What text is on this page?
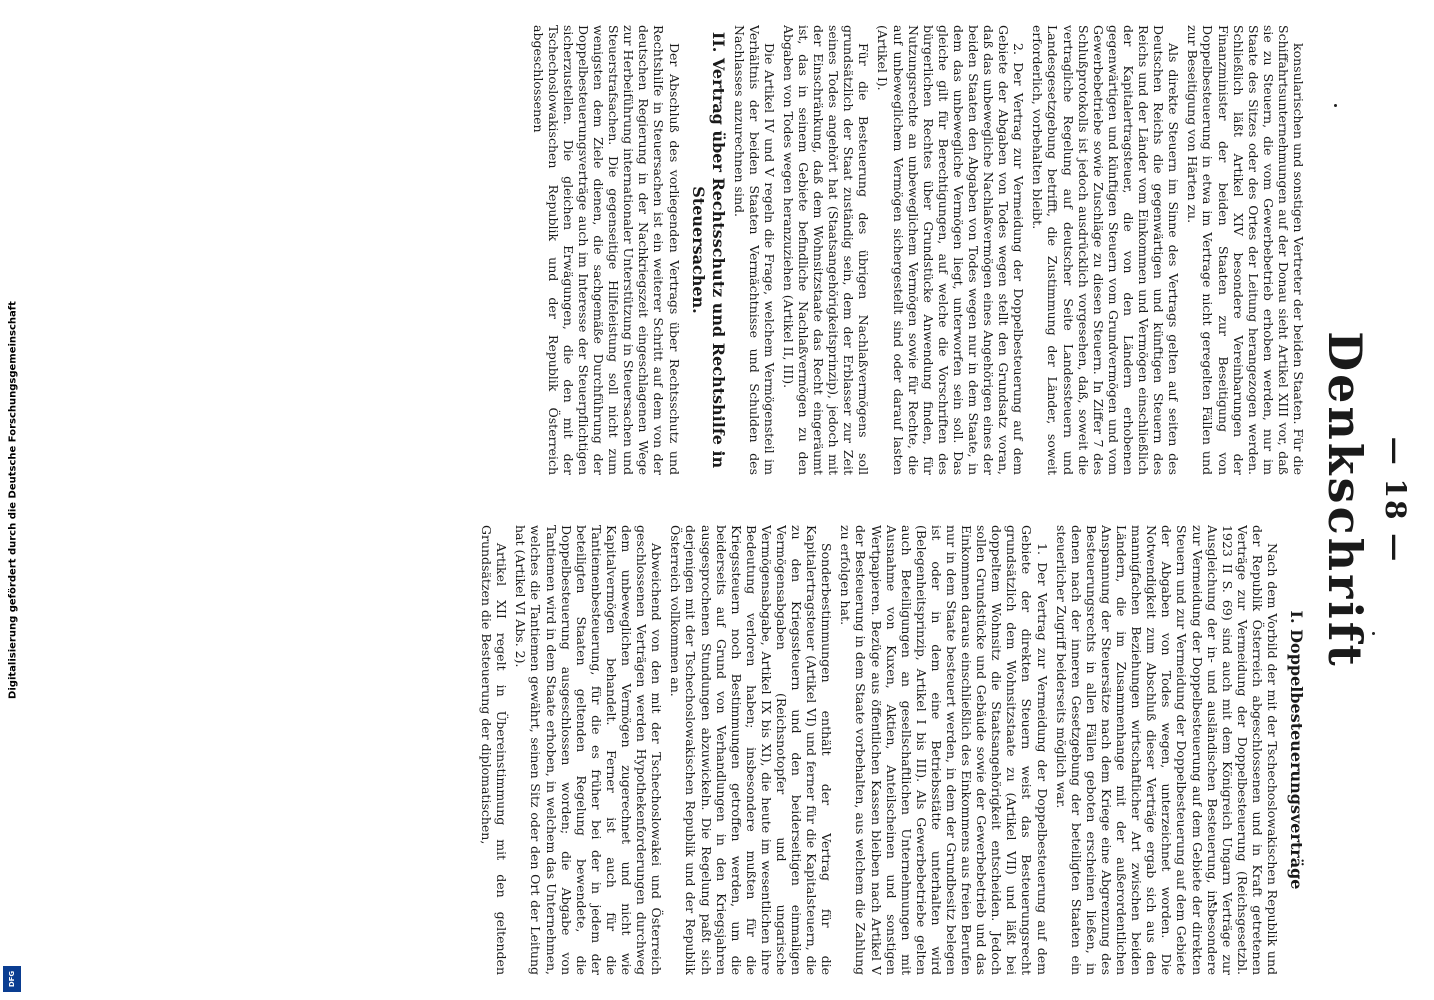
Digitalisierung gefördert durch die Deutsche Forschungsgemeinschaft
DFG
— 18 —
Denkschrift

konsularischen und sonstigen Vertreter der beiden Staaten. Für die Schiffahrtsunternehmungen auf der Donau sieht Artikel XIII vor, daß sie zu Steuern, die vom Gewerbebetrieb erhoben werden, nur im Staate des Sitzes oder des Ortes der Leitung herangezogen werden. Schließlich läßt Artikel XIV besondere Vereinbarungen der Finanzminister der beiden Staaten zur Beseitigung von Doppelbesteuerung in etwa im Vertrage nicht geregelten Fällen und zur Beseitigung von Härten zu.

Als direkte Steuern im Sinne des Vertrags gelten auf seiten des Deutschen Reichs die gegenwärtigen und künftigen Steuern des Reichs und der Länder vom Einkommen und Vermögen einschließlich der Kapitalertragsteuer, die von den Ländern erhobenen gegenwärtigen und künftigen Steuern vom Grundvermögen und vom Gewerbebetriebe sowie Zuschläge zu diesen Steuern. In Ziffer 7 des Schlußprotokolls ist jedoch ausdrücklich vorgesehen, daß, soweit die vertragliche Regelung auf deutscher Seite Landessteuern und Landesgesetzgebung betrifft, die Zustimmung der Länder, soweit erforderlich, vorbehalten bleibt.

2. Der Vertrag zur Vermeidung der Doppelbesteuerung auf dem Gebiete der Abgaben von Todes wegen stellt den Grundsatz voran, daß das unbewegliche Nachlaßvermögen eines Angehörigen eines der beiden Staaten den Abgaben von Todes wegen nur in dem Staate, in dem das unbewegliche Vermögen liegt, unterworfen sein soll. Das gleiche gilt für Berechtigungen, auf welche die Vorschriften des bürgerlichen Rechtes über Grundstücke Anwendung finden, für Nutzungsrechte an unbeweglichem Vermögen sowie für Rechte, die auf unbeweglichem Vermögen sichergestellt sind oder darauf lasten (Artikel I).

Für die Besteuerung des übrigen Nachlaßvermögens soll grundsätzlich der Staat zuständig sein, dem der Erblasser zur Zeit seines Todes angehört hat (Staatsangehörigkeitsprinzip), jedoch mit der Einschränkung, daß dem Wohnsitzstaate das Recht eingeräumt ist, das in seinem Gebiete befindliche Nachlaßvermögen zu den Abgaben von Todes wegen heranzuziehen (Artikel II, III).

Die Artikel IV und V regeln die Frage, welchem Vermögensteil im Verhältnis der beiden Staaten Vermächtnisse und Schulden des Nachlasses anzurechnen sind.

II. Vertrag über Rechtsschutz und Rechtshilfe in Steuersachen.

Der Abschluß des vorliegenden Vertrags über Rechtsschutz und Rechtshilfe in Steuersachen ist ein weiterer Schritt auf dem von der deutschen Regierung in der Nachkriegszeit eingeschlagenen Wege zur Herbeiführung internationaler Unterstützung in Steuersachen und Steuerstrafsachen. Die gegenseitige Hilfeleistung soll nicht zum wenigsten dem Ziele dienen, die sachgemäße Durchführung der Doppelbesteuerungsverträge auch im Interesse der Steuerpflichtigen sicherzustellen. Die gleichen Erwägungen, die den mit der Tschechoslowakischen Republik und der Republik Österreich abgeschlossenen

I. Doppelbesteuerungsverträge

Nach dem Vorbild der mit der Tschechoslowakischen Republik und der Republik Österreich abgeschlossenen und in Kraft getretenen Verträge zur Vermeidung der Doppelbesteuerung (Reichsgesetzbl. 1923 II S. 69) sind auch mit dem Königreich Ungarn Verträge zur Ausgleichung der in- und ausländischen Besteuerung, insbesondere zur Vermeidung der Doppelbesteuerung auf dem Gebiete der direkten Steuern und zur Vermeidung der Doppelbesteuerung auf dem Gebiete der Abgaben von Todes wegen, unterzeichnet worden. Die Notwendigkeit zum Abschluß dieser Verträge ergab sich aus den mannigfachen Beziehungen wirtschaftlicher Art zwischen beiden Ländern, die im Zusammenhange mit der außerordentlichen Anspannung der Steuersätze nach dem Kriege eine Abgrenzung des Besteuerungsrechts in allen Fällen geboten erscheinen ließen, in denen nach der inneren Gesetzgebung der beteiligten Staaten ein steuerlicher Zugriff beiderseits möglich war.

1. Der Vertrag zur Vermeidung der Doppelbesteuerung auf dem Gebiete der direkten Steuern weist das Besteuerungsrecht grundsätzlich dem Wohnsitzstaate zu (Artikel VII) und läßt bei doppeltem Wohnsitz die Staatsangehörigkeit entscheiden. Jedoch sollen Grundstücke und Gebäude sowie der Gewerbebetrieb und das Einkommen daraus einschließlich des Einkommens aus freien Berufen nur in dem Staate besteuert werden, in dem der Grundbesitz belegen ist oder in dem eine Betriebsstätte unterhalten wird (Belegenheitsprinzip, Artikel I bis III). Als Gewerbebetriebe gelten auch Beteiligungen an gesellschaftlichen Unternehmungen mit Ausnahme von Kuxen, Aktien, Anteilscheinen und sonstigen Wertpapieren. Bezüge aus öffentlichen Kassen bleiben nach Artikel V der Besteuerung in dem Staate vorbehalten, aus welchem die Zahlung zu erfolgen hat.

Sonderbestimmungen enthält der Vertrag für die Kapitalertragsteuer (Artikel VI) und ferner für die Kapitalsteuern, die zu den Kriegssteuern und den beiderseitigen einmaligen Vermögensabgaben (Reichsnotopfer und ungarische Vermögensabgabe, Artikel IX bis XI), die heute im wesentlichen ihre Bedeutung verloren haben; insbesondere mußten für die Kriegssteuern noch Bestimmungen getroffen werden, um die beiderseits auf Grund von Verhandlungen in den Kriegsjahren ausgesprochenen Stundungen abzuwickeln. Die Regelung paßt sich derjenigen mit der Tschechoslowakischen Republik und der Republik Österreich vollkommen an.

Abweichend von den mit der Tschechoslowakei und Österreich geschlossenen Verträgen werden Hypothekenforderungen durchweg dem unbeweglichen Vermögen zugerechnet und nicht wie Kapitalvermögen behandelt. Ferner ist auch für die Tantiemenbesteuerung, für die es früher bei der in jedem der beteiligten Staaten geltenden Regelung bewendete, die Doppelbesteuerung ausgeschlossen worden; die Abgabe von Tantiemen wird in dem Staate erhoben, in welchem das Unternehmen, welches die Tantiemen gewährt, seinen Sitz oder den Ort der Leitung hat (Artikel VI Abs. 2).

Artikel XII regelt in Übereinstimmung mit den geltenden Grundsätzen die Besteuerung der diplomatischen,
